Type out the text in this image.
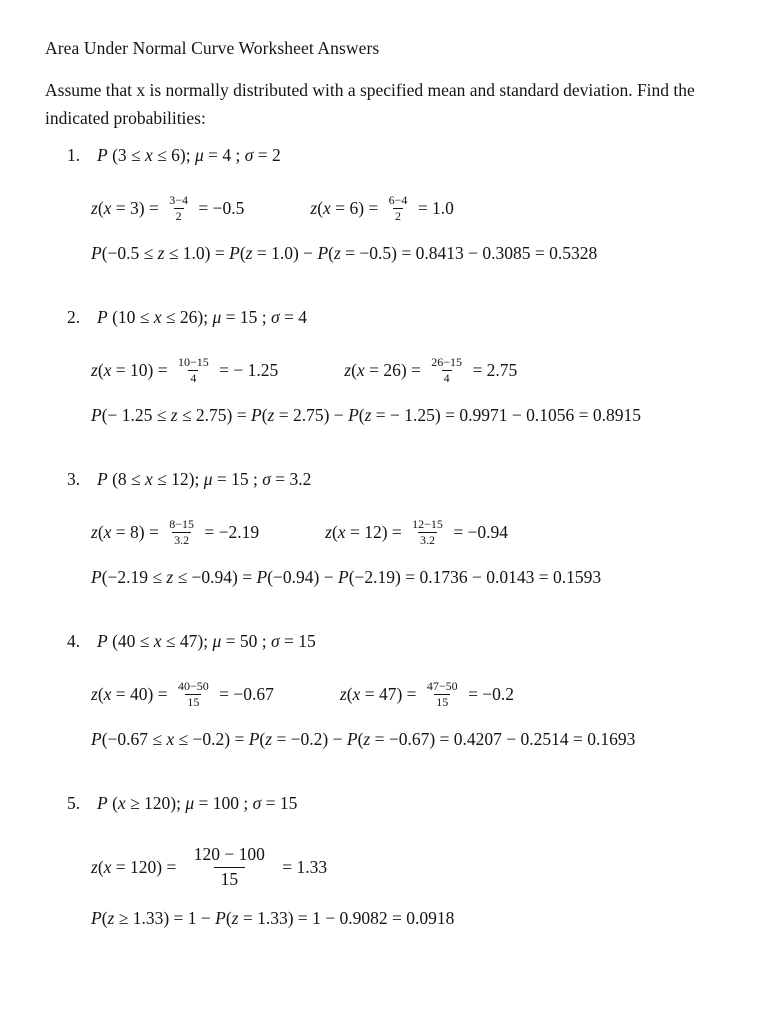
Area Under Normal Curve Worksheet Answers

Assume that x is normally distributed with a specified mean and standard deviation. Find the indicated probabilities:

1. P (3 ≤ x ≤ 6); μ = 4 ; σ = 2
$z(x = 3) = \frac{3-4}{2} = -0.5$	$z(x = 6) = \frac{6-4}{2} = 1.0$
P(−0.5 ≤ z ≤ 1.0) = P(z = 1.0) − P(z = −0.5) = 0.8413 − 0.3085 = 0.5328
2. P (10 ≤ x ≤ 26); μ = 15 ; σ = 4
$z(x = 10) = \frac{10-15}{4}$ = − 1.25	$z(x = 26) = \frac{26-15}{4} = 2.75$
P(− 1.25 ≤ z ≤ 2.75) = P(z = 2.75) − P(z = − 1.25) = 0.9971 − 0.1056 = 0.8915
3. P (8 ≤ x ≤ 12); μ = 15 ; σ = 3.2
$z(x = 8) = \frac{8-15}{3.2} = -2.19$	$z(x = 12) = \frac{12-15}{3.2} = -0.94$
P(−2.19 ≤ z ≤ −0.94) = P(−0.94) − P(−2.19) = 0.1736 − 0.0143 = 0.1593
4. P (40 ≤ x ≤ 47); μ = 50 ; σ = 15
$z(x = 40) = \frac{40-50}{15} = -0.67$	$z(x = 47) = \frac{47-50}{15} = -0.2$
P(−0.67 ≤ x ≤ −0.2) = P(z = −0.2) − P(z = −0.67) = 0.4207 − 0.2514 = 0.1693
5. P (x ≥ 120); μ = 100 ; σ = 15
$z(x = 120) = \frac{120 - 100}{15} = 1.33$
P(z ≥ 1.33) = 1 − P(z = 1.33) = 1 − 0.9082 = 0.0918
